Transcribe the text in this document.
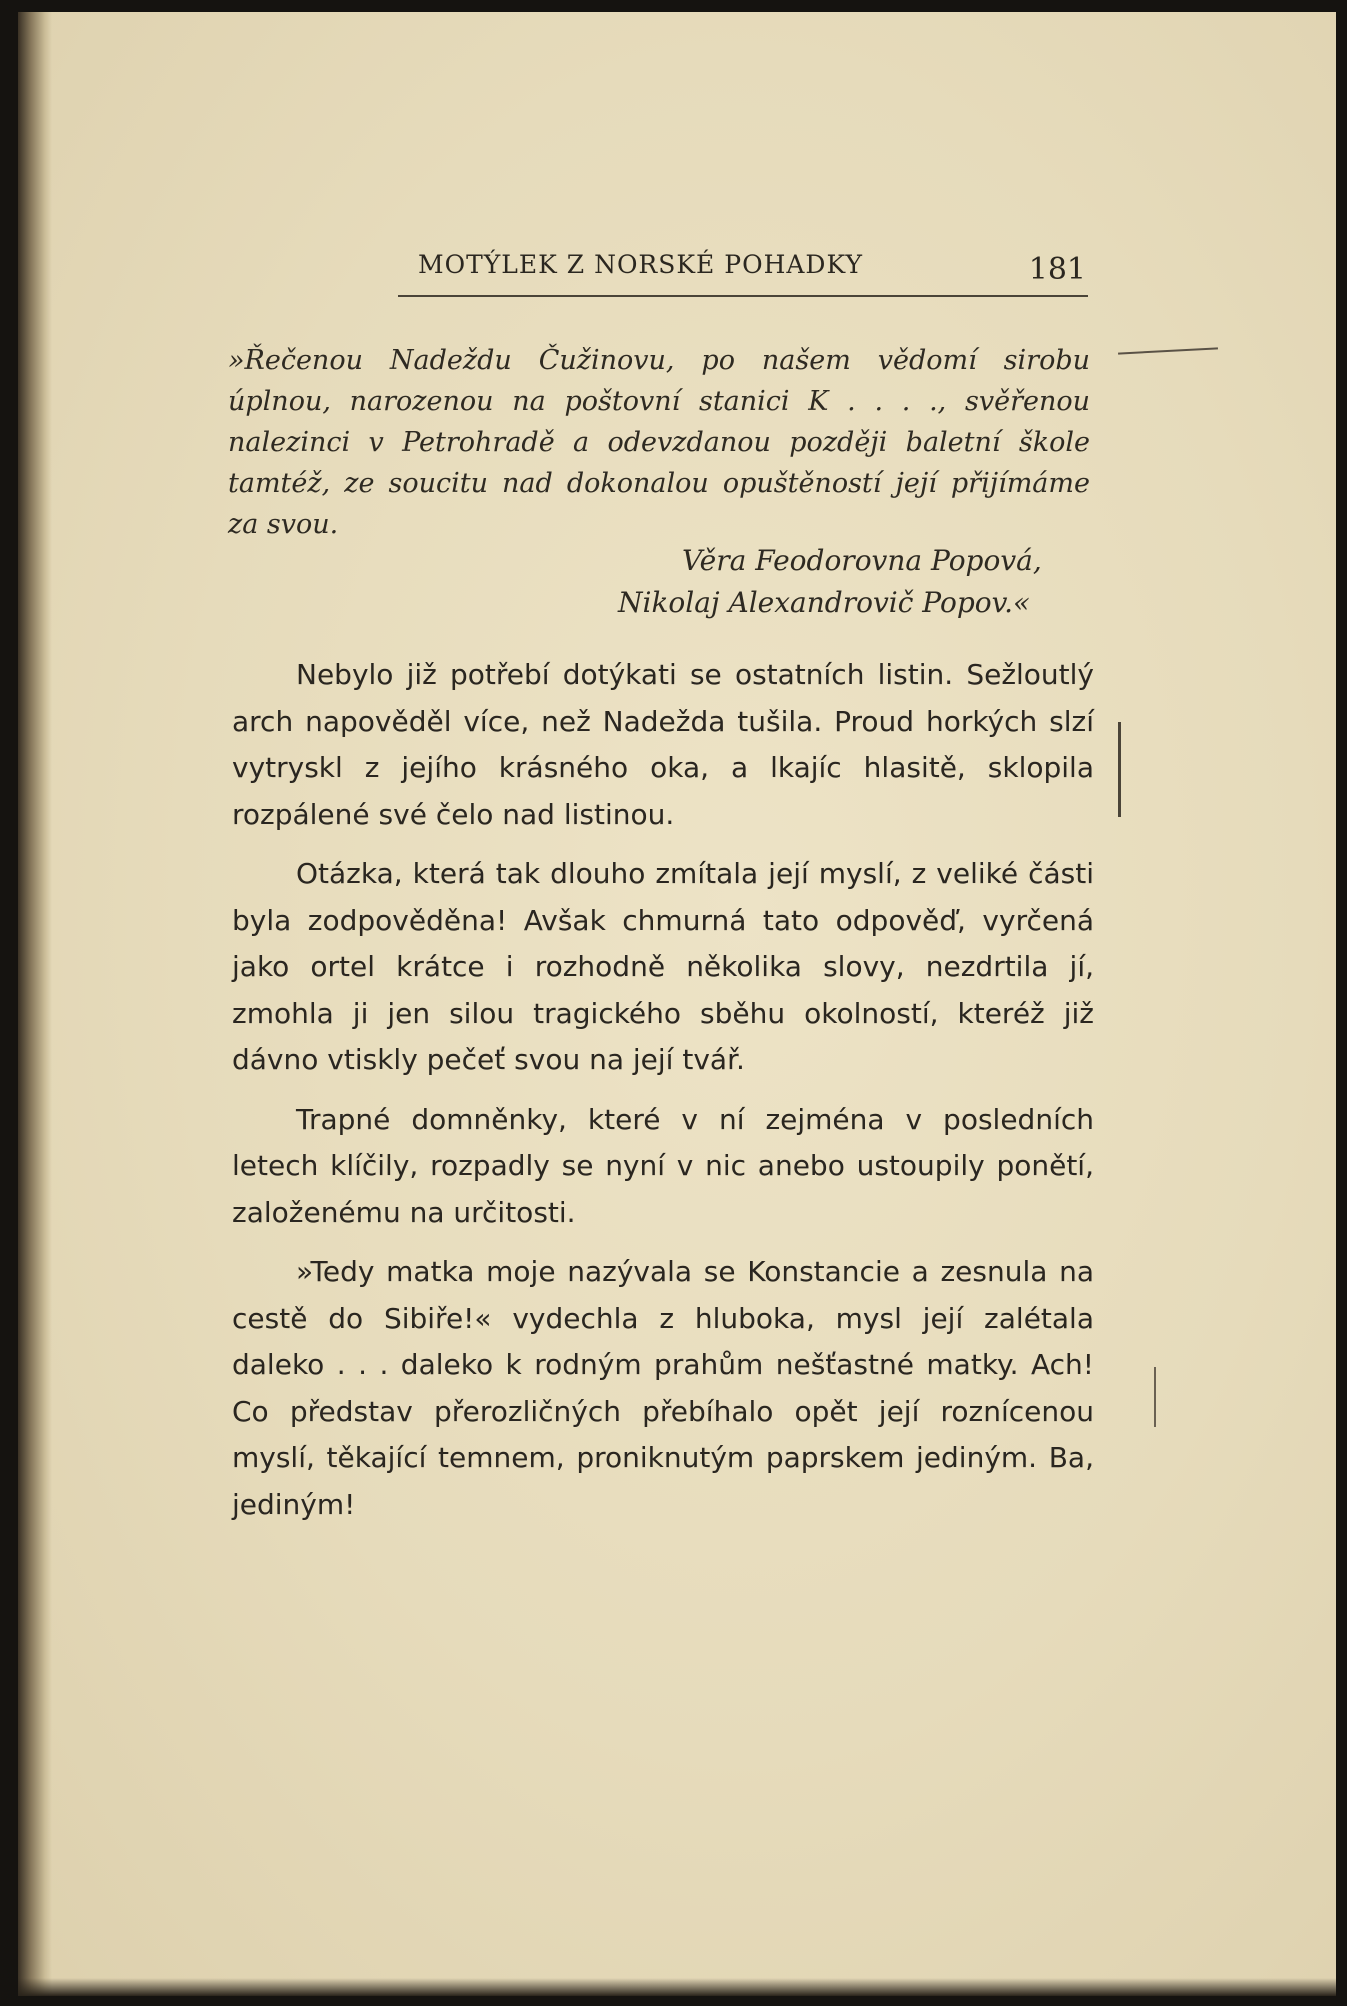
MOTÝLEK Z NORSKÉ POHADKY	181
»Řečenou Nadeždu Čužinovu, po našem vědomí sirobu úplnou, narozenou na poštovní stanici K . . . ., svěřenou nalezinci v Petrohradě a odevzdanou později baletní škole tamtéž, ze soucitu nad dokonalou opuštěností její přijímáme za svou.
Věra Feodorovna Popová,
Nikolaj Alexandrovič Popov.«

Nebylo již potřebí dotýkati se ostatních listin. Sežloutlý arch napověděl více, než Nadežda tušila. Proud horkých slzí vytryskl z jejího krásného oka, a lkajíc hlasitě, sklopila rozpálené své čelo nad listinou.

Otázka, která tak dlouho zmítala její myslí, z veliké části byla zodpověděna! Avšak chmurná tato odpověď, vyrčená jako ortel krátce i rozhodně několika slovy, nezdrtila jí, zmohla ji jen silou tragického sběhu okolností, kteréž již dávno vtiskly pečeť svou na její tvář.

Trapné domněnky, které v ní zejména v posledních letech klíčily, rozpadly se nyní v nic anebo ustoupily ponětí, založenému na určitosti.

»Tedy matka moje nazývala se Konstancie a zesnula na cestě do Sibiře!« vydechla z hluboka, mysl její zalétala daleko . . . daleko k rodným prahům nešťastné matky. Ach! Co představ přerozličných přebíhalo opět její roznícenou myslí, těkající temnem, proniknutým paprskem jediným. Ba, jediným!
